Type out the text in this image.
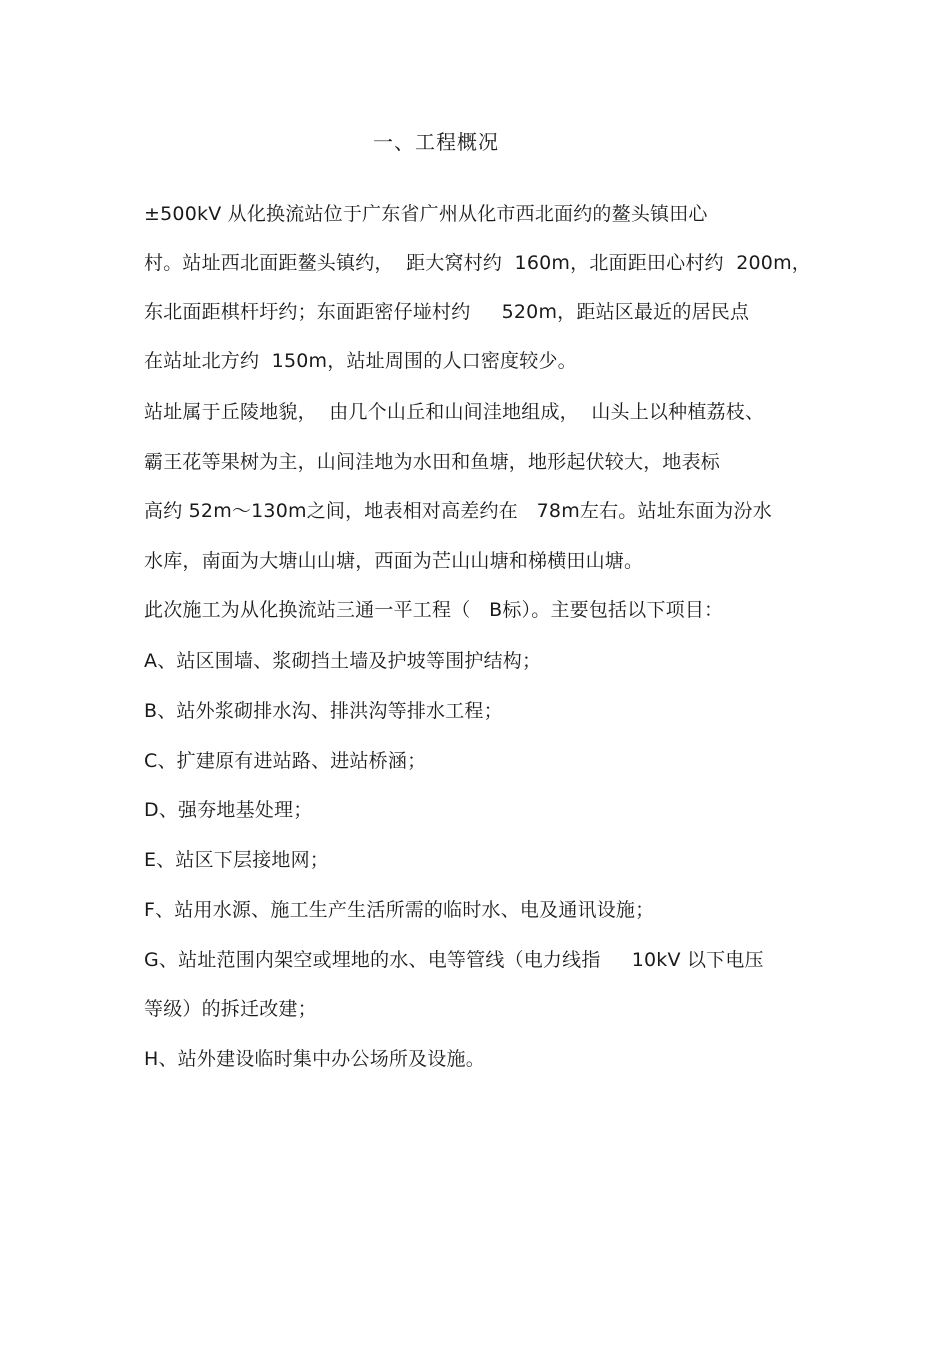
一、工程概况
±500kV 从化换流站位于广东省广州从化市西北面约的鳌头镇田心
村。站址西北面距鳌头镇约，  距大窝村约  160m，北面距田心村约  200m，
东北面距棋杆圩约；东面距密仔𡌶村约     520m，距站区最近的居民点
在站址北方约  150m，站址周围的人口密度较少。
站址属于丘陵地貌，  由几个山丘和山间洼地组成，  山头上以种植荔枝、
霸王花等果树为主，山间洼地为水田和鱼塘，地形起伏较大，地表标
高约 52m～130m之间，地表相对高差约在   78m左右。站址东面为汾水
水库，南面为大塘山山塘，西面为芒山山塘和梯横田山塘。
此次施工为从化换流站三通一平工程（   B标）。主要包括以下项目：
A、站区围墙、浆砌挡土墙及护坡等围护结构；
B、站外浆砌排水沟、排洪沟等排水工程；
C、扩建原有进站路、进站桥涵；
D、强夯地基处理；
E、站区下层接地网；
F、站用水源、施工生产生活所需的临时水、电及通讯设施；
G、站址范围内架空或埋地的水、电等管线（电力线指     10kV 以下电压
等级）的拆迁改建；
H、站外建设临时集中办公场所及设施。
